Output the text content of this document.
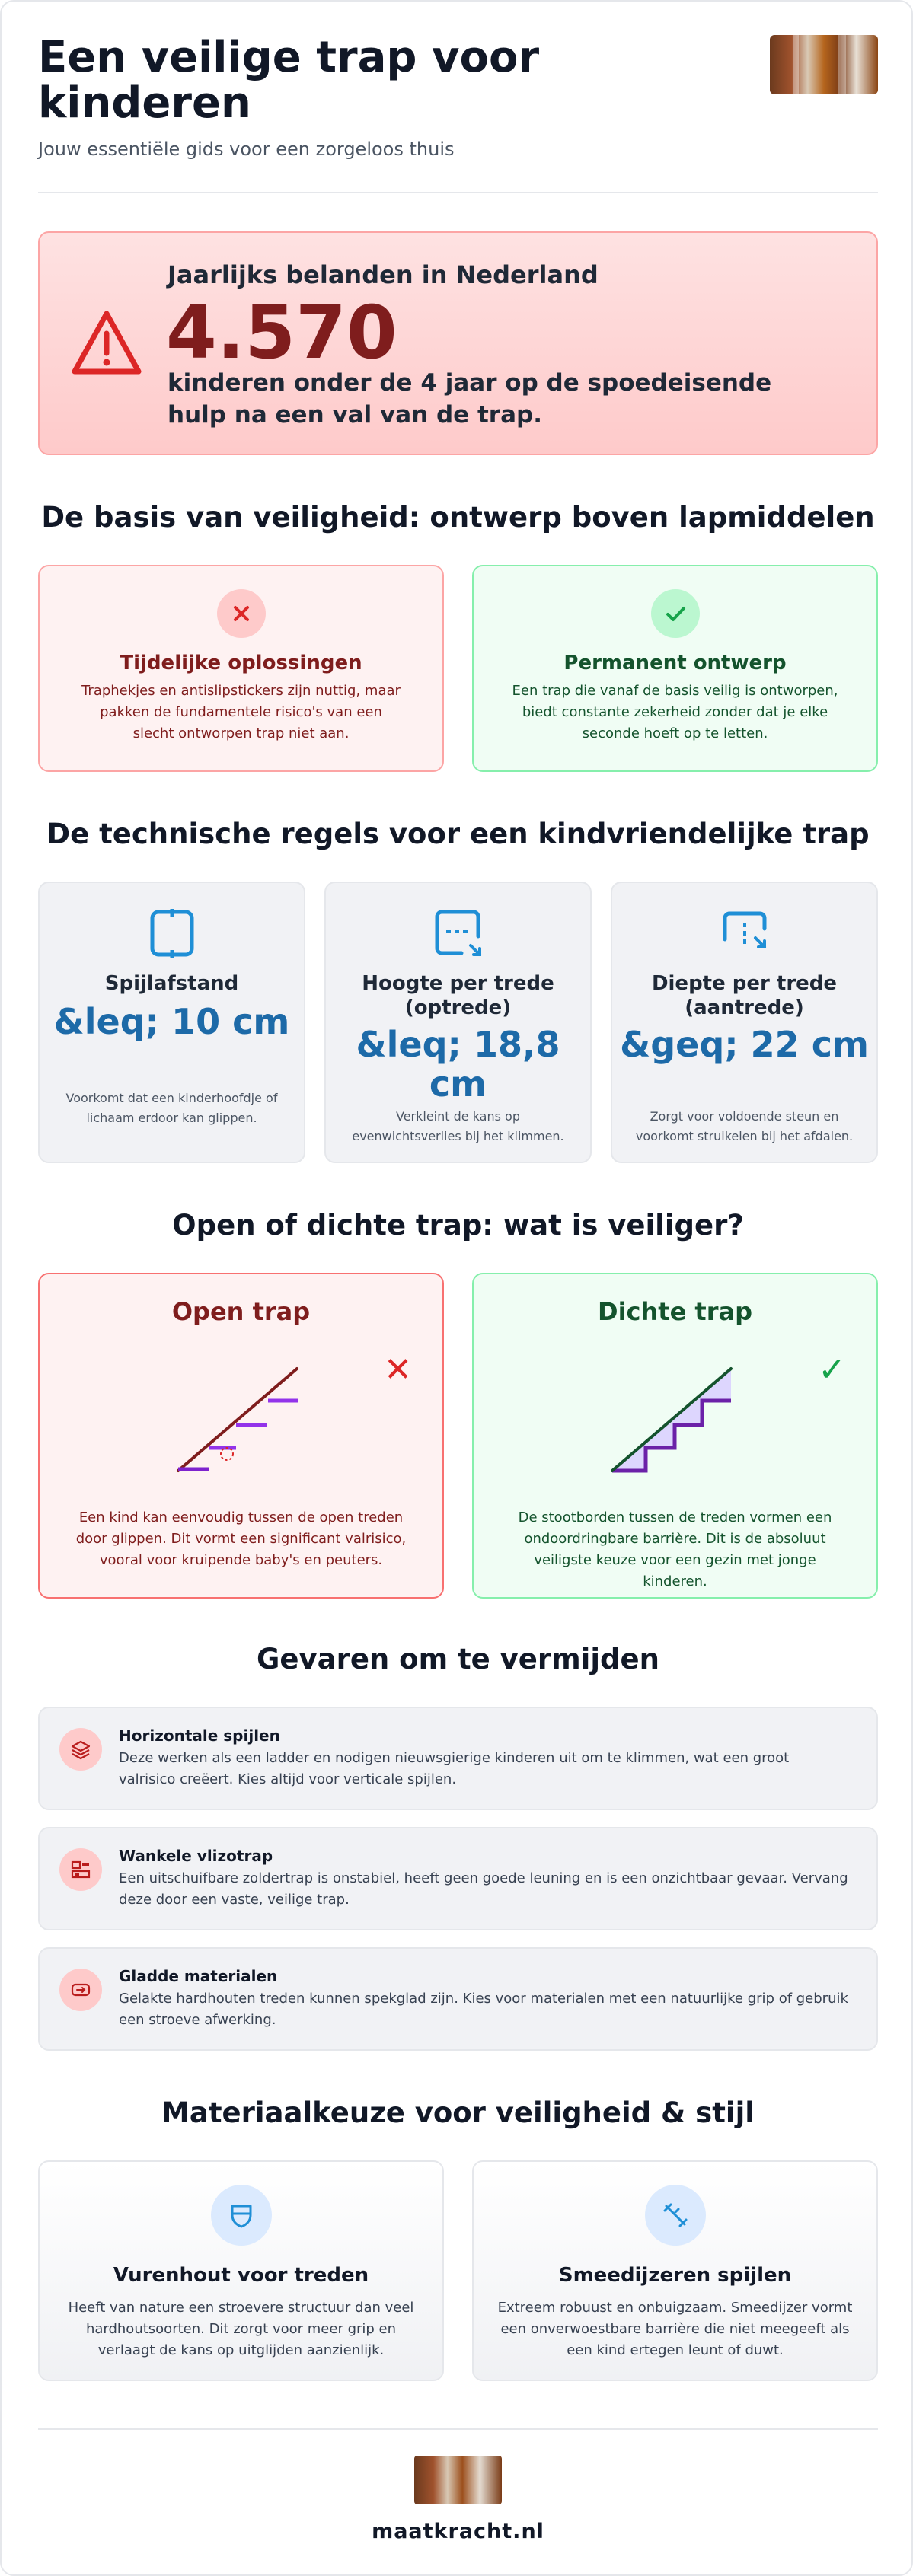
Een veilige trap voor kinderen
Jouw essentiële gids voor een zorgeloos thuis
Jaarlijks belanden in Nederland
4.570
kinderen onder de 4 jaar op de spoedeisende hulp na een val van de trap.
De basis van veiligheid: ontwerp boven lapmiddelen
Tijdelijke oplossingen
Traphekjes en antislipstickers zijn nuttig, maar pakken de fundamentele risico's van een slecht ontworpen trap niet aan.
Permanent ontwerp
Een trap die vanaf de basis veilig is ontworpen, biedt constante zekerheid zonder dat je elke seconde hoeft op te letten.
De technische regels voor een kindvriendelijke trap
Spijlafstand
&leq; 10 cm
Voorkomt dat een kinderhoofdje of lichaam erdoor kan glippen.
Hoogte per trede (optrede)
&leq; 18,8 cm
Verkleint de kans op evenwichtsverlies bij het klimmen.
Diepte per trede (aantrede)
&geq; 22 cm
Zorgt voor voldoende steun en voorkomt struikelen bij het afdalen.
Open of dichte trap: wat is veiliger?
Open trap
✕
Een kind kan eenvoudig tussen de open treden door glippen. Dit vormt een significant valrisico, vooral voor kruipende baby's en peuters.
Dichte trap
✓
De stootborden tussen de treden vormen een ondoordringbare barrière. Dit is de absoluut veiligste keuze voor een gezin met jonge kinderen.
Gevaren om te vermijden
Horizontale spijlen
Deze werken als een ladder en nodigen nieuwsgierige kinderen uit om te klimmen, wat een groot valrisico creëert. Kies altijd voor verticale spijlen.
Wankele vlizotrap
Een uitschuifbare zoldertrap is onstabiel, heeft geen goede leuning en is een onzichtbaar gevaar. Vervang deze door een vaste, veilige trap.
Gladde materialen
Gelakte hardhouten treden kunnen spekglad zijn. Kies voor materialen met een natuurlijke grip of gebruik een stroeve afwerking.
Materiaalkeuze voor veiligheid & stijl
Vurenhout voor treden
Heeft van nature een stroevere structuur dan veel hardhoutsoorten. Dit zorgt voor meer grip en verlaagt de kans op uitglijden aanzienlijk.
Smeedijzeren spijlen
Extreem robuust en onbuigzaam. Smeedijzer vormt een onverwoestbare barrière die niet meegeeft als een kind ertegen leunt of duwt.
maatkracht.nl
